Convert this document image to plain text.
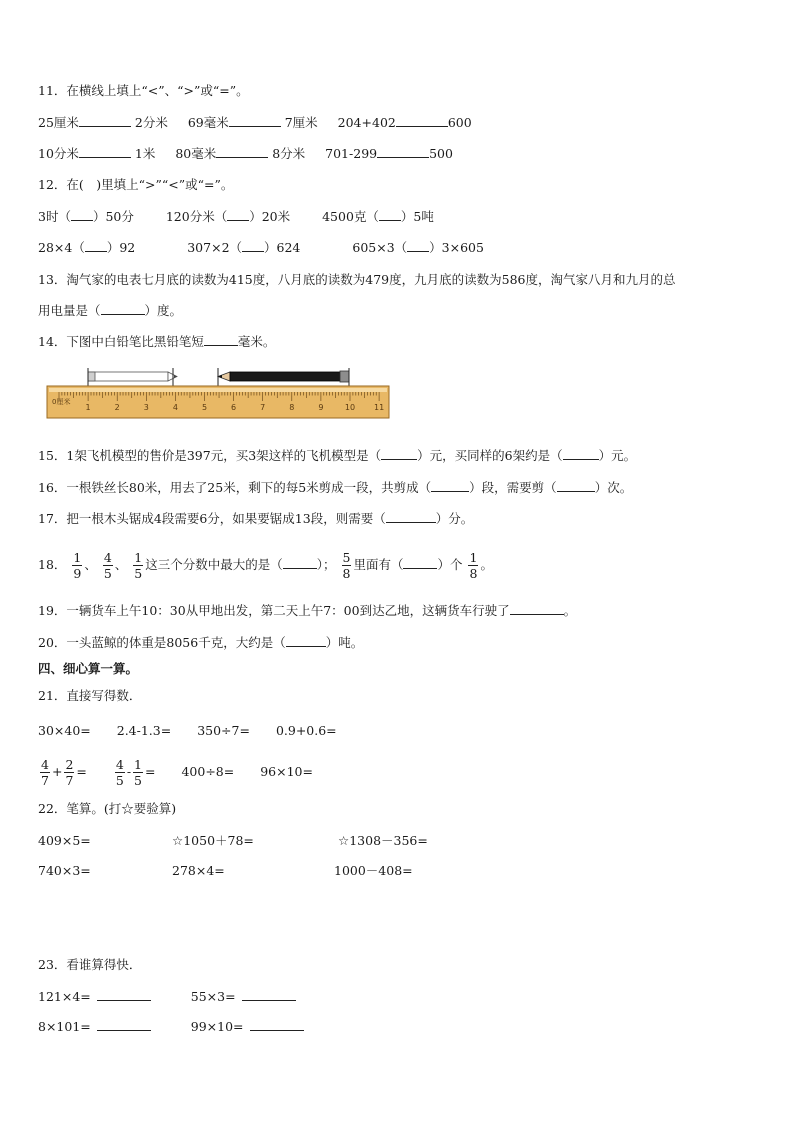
11．在横线上填上“<”、“>”或“=”。
25厘米	2分米 69毫米	7厘米 204+402	600
10分米	1米 80毫米	8分米 701-299	500
12．在(　)里填上“>”“<”或“=”。
3时（ ）50分	120分米（ ）20米	4500克（ ）5吨
28×4（ ）92	307×2（ ）624	605×3（ ）3×605
13．淘气家的电表七月底的读数为415度，八月底的读数为479度，九月底的读数为586度，淘气家八月和九月的总
用电量是（	）度。
14．下图中白铅笔比黑铅笔短	毫米。
0厘米
1	2	3	4	5	6	7	8	9	10 11
15．1架飞机模型的售价是397元，买3架这样的飞机模型是（	）元，买同样的6架约是（	）元。
16．一根铁丝长80米，用去了25米，剩下的每5米剪成一段，共剪成（	）段，需要剪（	）次。
17．把一根木头锯成4段需要6分，如果要锯成13段，则需要（	）分。
18． $\frac{1}{9}$ 、 $\frac{4}{5}$ 、 $\frac{1}{5}$ 这三个分数中最大的是（	）； $\frac{5}{8}$ 里面有（	）个 $\frac{1}{8}$ 。
19．一辆货车上午10：30从甲地出发，第二天上午7：00到达乙地，这辆货车行驶了	。
20．一头蓝鲸的体重是8056千克，大约是（	）吨。
四、细心算一算。
21．直接写得数．
30×40= 2.4-1.3= 350÷7= 0.9+0.6=
$\frac{4}{7} + \frac{2}{7} = \frac{4}{5} - \frac{1}{5} = 400\div 8= 96\times 10=$
22．笔算。(打☆要验算)
409×5=	☆1050＋78=	☆1308－356=
740×3=	278×4=	1000－408=
23．看谁算得快．
121×4=	55×3=
8×101=	99×10=
